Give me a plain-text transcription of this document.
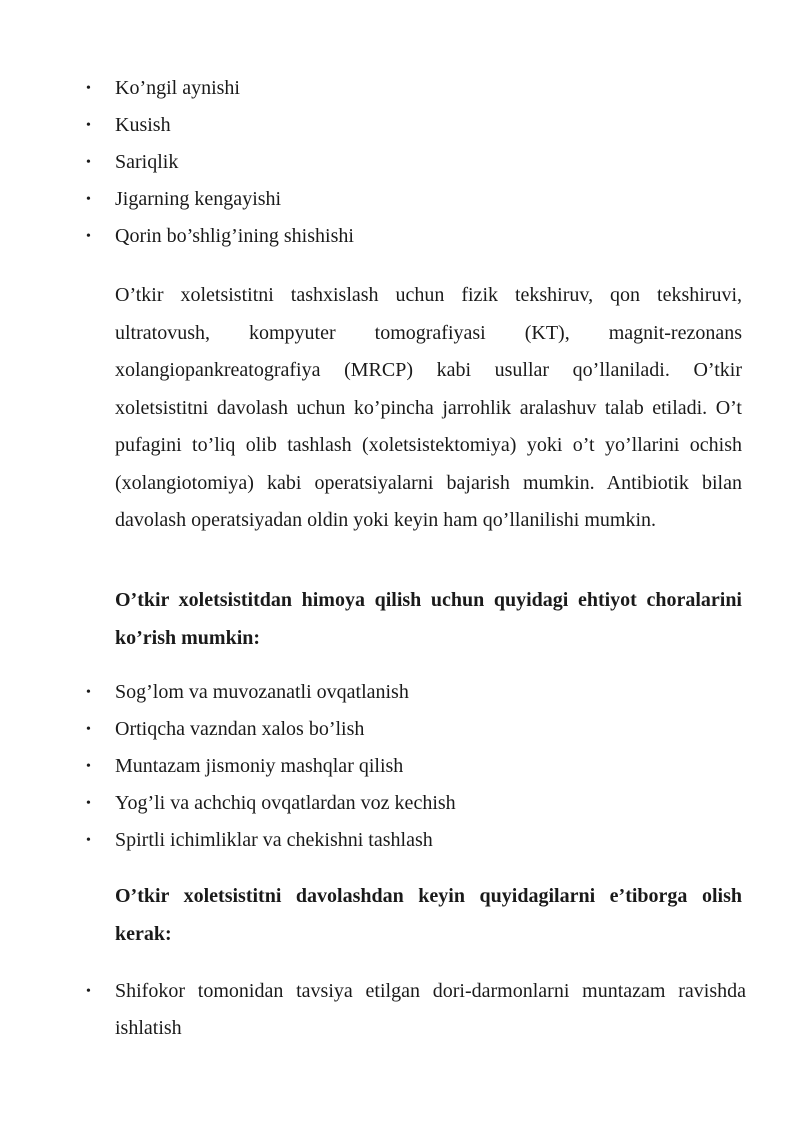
•	Ko’ngil aynishi
•	Kusish
•	Sariqlik
•	Jigarning kengayishi
•	Qorin bo’shlig’ining shishishi

O’tkir xoletsistitni tashxislash uchun fizik tekshiruv, qon tekshiruvi, ultratovush, kompyuter tomografiyasi (KT), magnit-rezonans xolangiopankreatografiya (MRCP) kabi usullar qo’llaniladi. O’tkir xoletsistitni davolash uchun ko’pincha jarrohlik aralashuv talab etiladi. O’t pufagini to’liq olib tashlash (xoletsistektomiya) yoki o’t yo’llarini ochish (xolangiotomiya) kabi operatsiyalarni bajarish mumkin. Antibiotik bilan davolash operatsiyadan oldin yoki keyin ham qo’llanilishi mumkin.

O’tkir xoletsistitdan himoya qilish uchun quyidagi ehtiyot choralarini ko’rish mumkin:

•	Sog’lom va muvozanatli ovqatlanish
•	Ortiqcha vazndan xalos bo’lish
•	Muntazam jismoniy mashqlar qilish
•	Yog’li va achchiq ovqatlardan voz kechish
•	Spirtli ichimliklar va chekishni tashlash

O’tkir xoletsistitni davolashdan keyin quyidagilarni e’tiborga olish kerak:

•	Shifokor tomonidan tavsiya etilgan dori-darmonlarni muntazam ravishda ishlatish
